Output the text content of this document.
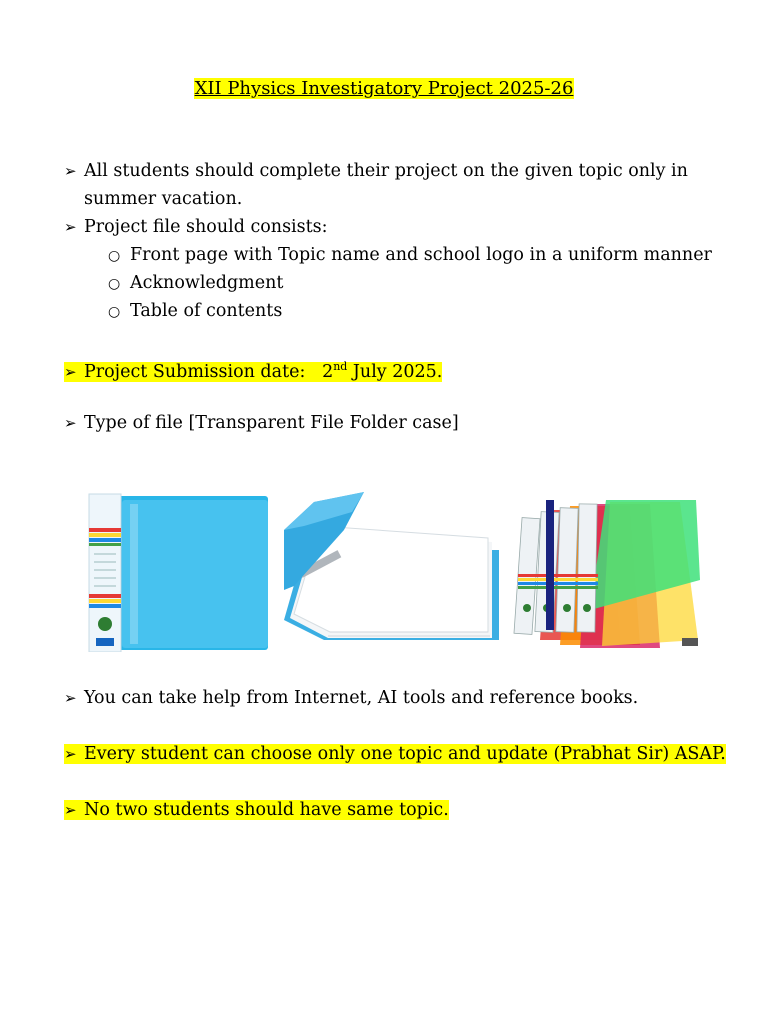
XII Physics Investigatory Project 2025-26
➢ All students should complete their project on the given topic only in
summer vacation.
➢ Project file should consists:
○ Front page with Topic name and school logo in a uniform manner
○ Acknowledgment
○ Table of contents
➢ Project Submission date: 2nd July 2025.
➢ Type of file [Transparent File Folder case]
➢ You can take help from Internet, AI tools and reference books.
➢ Every student can choose only one topic and update (Prabhat Sir) ASAP.
➢ No two students should have same topic.
